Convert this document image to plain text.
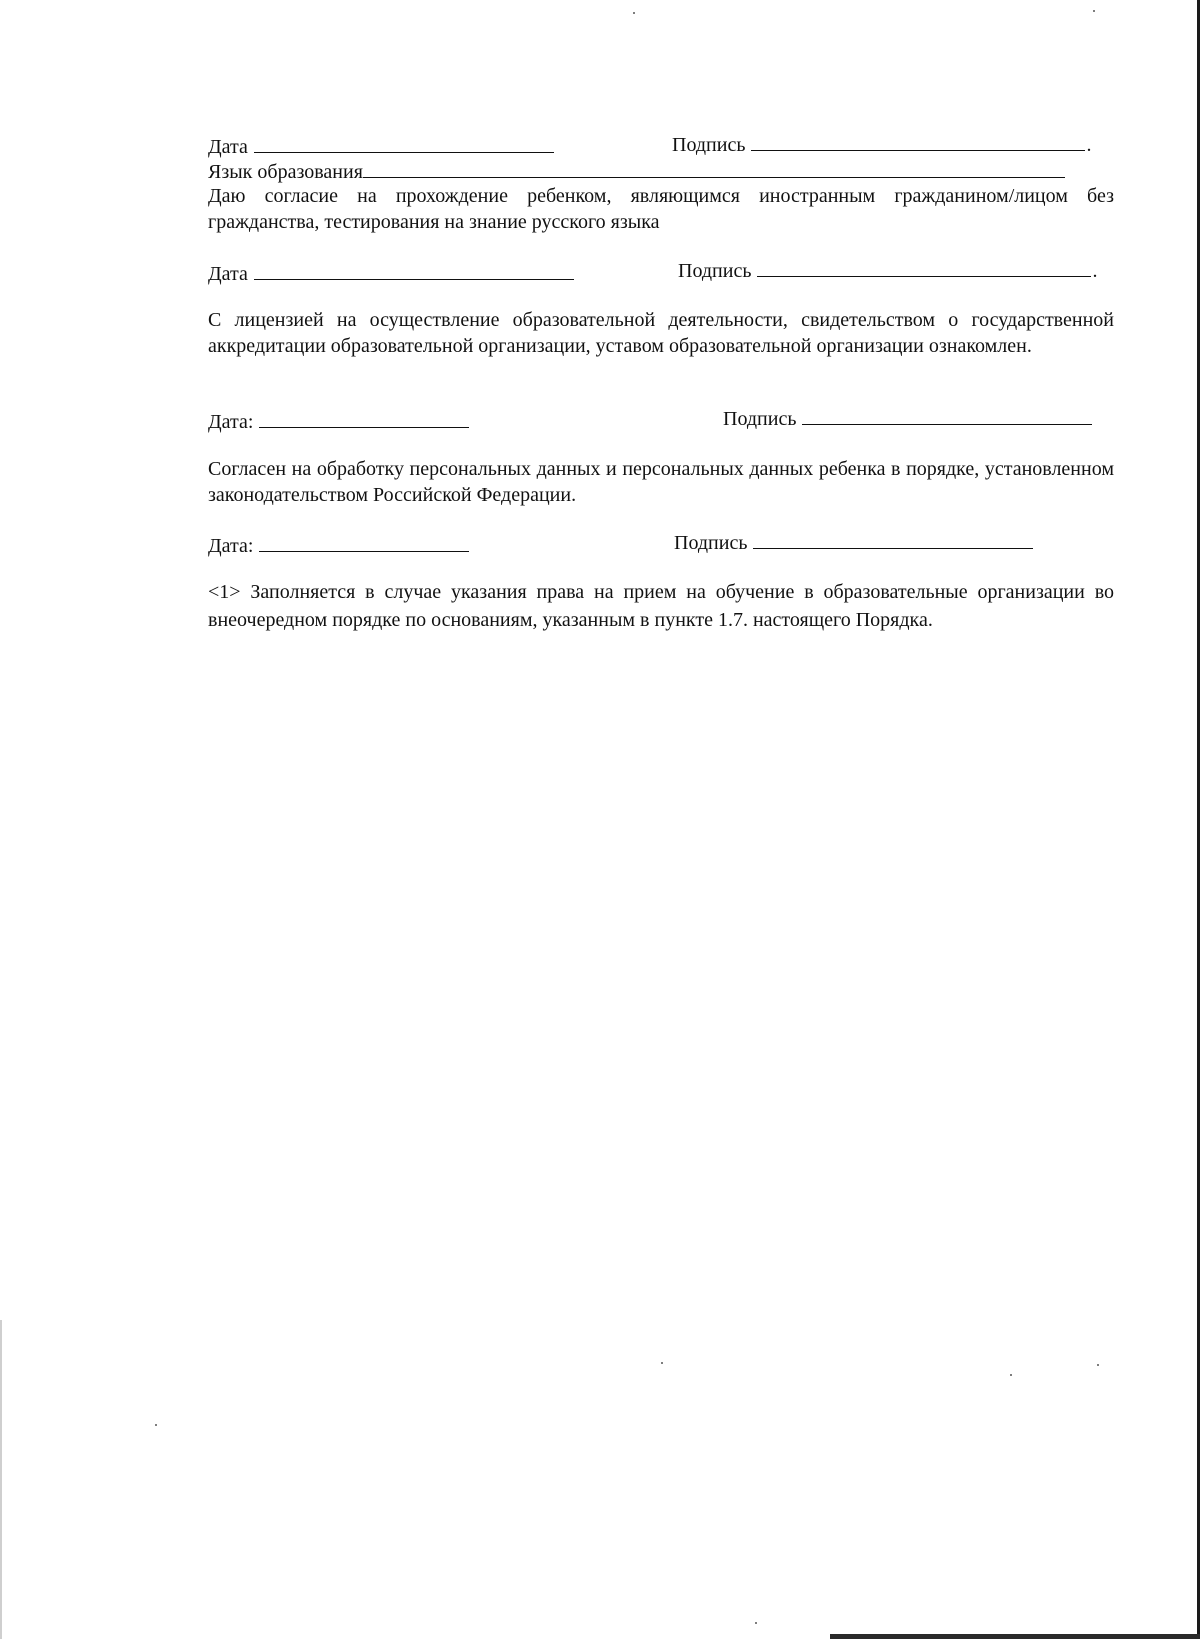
Дата	Подпись	.
Язык образования
Даю согласие на прохождение ребенком, являющимся иностранным гражданином/лицом без гражданства, тестирования на знание русского языка
Дата	Подпись	.
С лицензией на осуществление образовательной деятельности, свидетельством о государственной аккредитации образовательной организации, уставом образовательной организации ознакомлен.
Дата:	Подпись
Согласен на обработку персональных данных и персональных данных ребенка в порядке, установленном законодательством Российской Федерации.
Дата:	Подпись
<1> Заполняется в случае указания права на прием на обучение в образовательные организации во внеочередном порядке по основаниям, указанным в пункте 1.7. настоящего Порядка.
